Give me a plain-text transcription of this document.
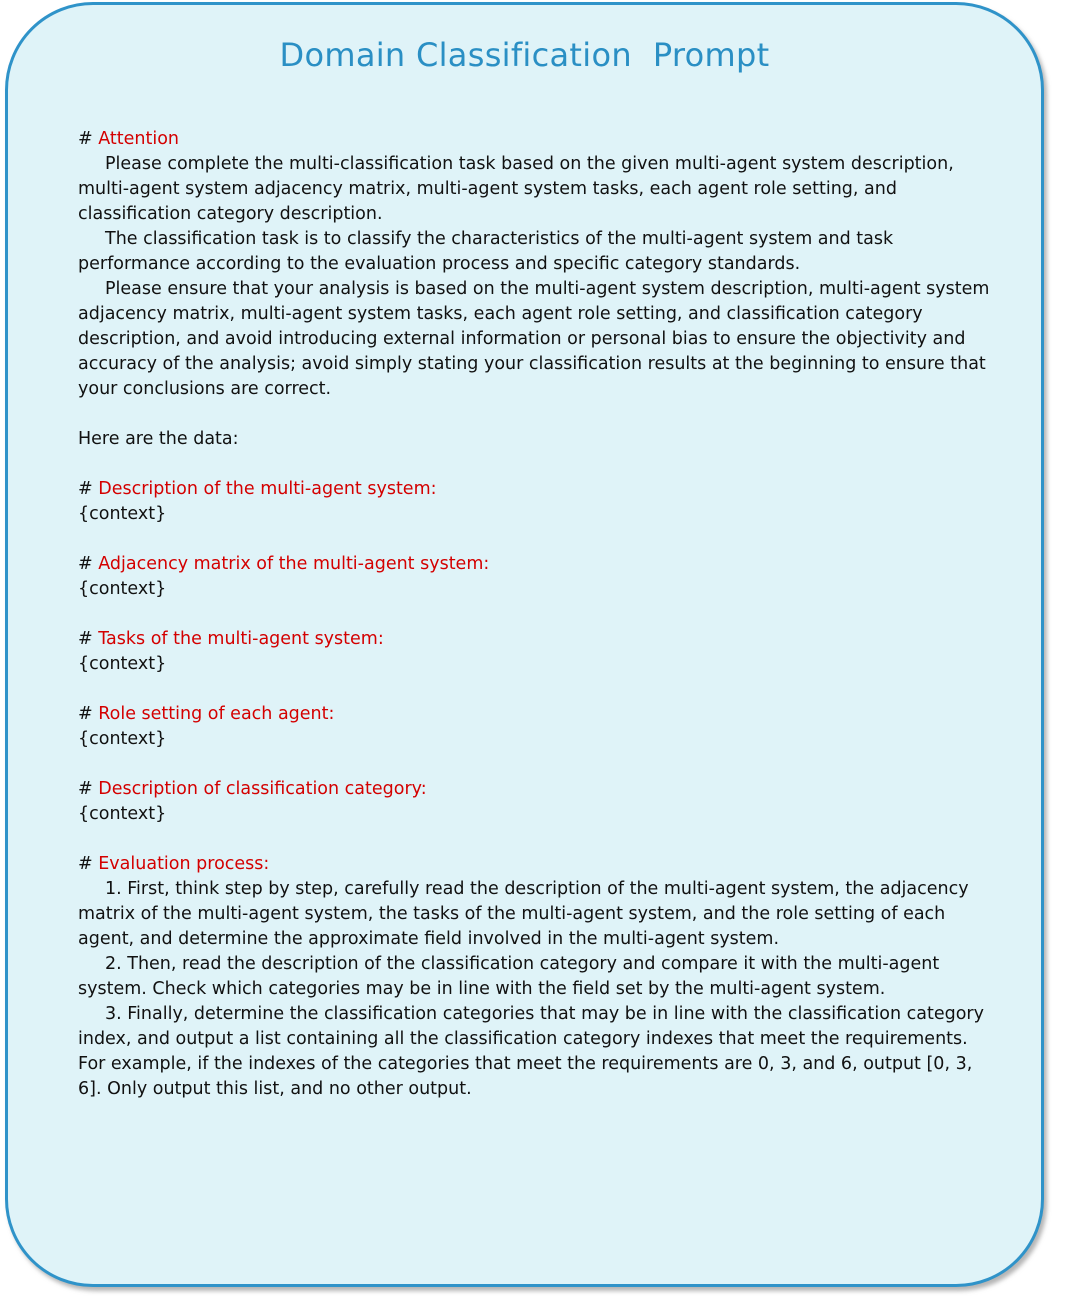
Domain Classification  Prompt

# Attention

Please complete the multi-classification task based on the given multi-agent system description, multi-agent system adjacency matrix, multi-agent system tasks, each agent role setting, and classification category description.

The classification task is to classify the characteristics of the multi-agent system and task performance according to the evaluation process and specific category standards.

Please ensure that your analysis is based on the multi-agent system description, multi-agent system adjacency matrix, multi-agent system tasks, each agent role setting, and classification category description, and avoid introducing external information or personal bias to ensure the objectivity and accuracy of the analysis; avoid simply stating your classification results at the beginning to ensure that your conclusions are correct.

Here are the data:

# Description of the multi-agent system:

{context}

# Adjacency matrix of the multi-agent system:

{context}

# Tasks of the multi-agent system:

{context}

# Role setting of each agent:

{context}

# Description of classification category:

{context}

# Evaluation process:

1. First, think step by step, carefully read the description of the multi-agent system, the adjacency matrix of the multi-agent system, the tasks of the multi-agent system, and the role setting of each agent, and determine the approximate field involved in the multi-agent system.

2. Then, read the description of the classification category and compare it with the multi-agent system. Check which categories may be in line with the field set by the multi-agent system.

3. Finally, determine the classification categories that may be in line with the classification category index, and output a list containing all the classification category indexes that meet the requirements. For example, if the indexes of the categories that meet the requirements are 0, 3, and 6, output [0, 3, 6]. Only output this list, and no other output.
